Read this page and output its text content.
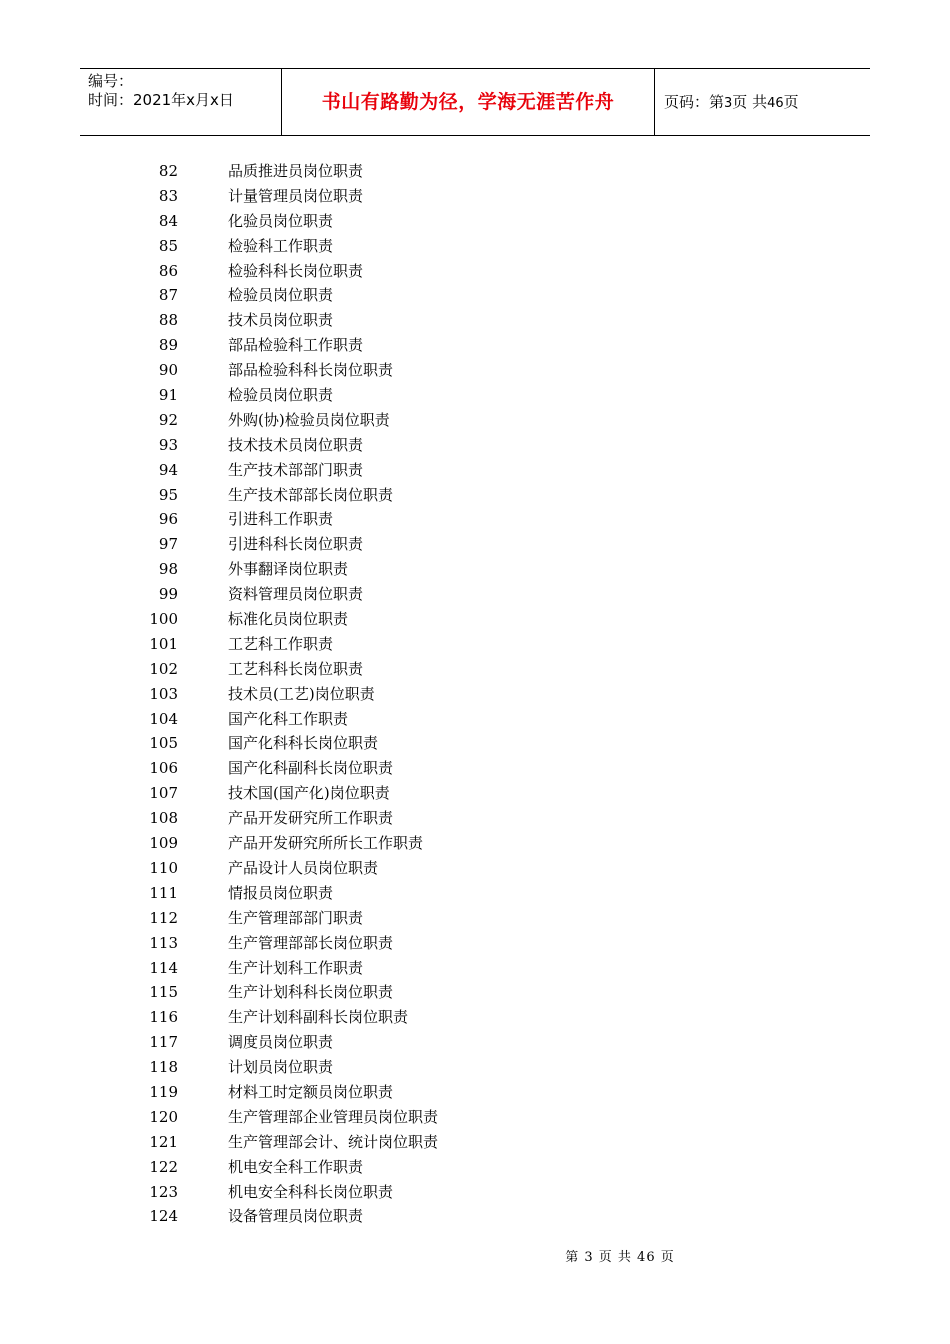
编号：
时间：2021年x月x日	书山有路勤为径，学海无涯苦作舟	页码：第3页 共46页
82	品质推进员岗位职责
83	计量管理员岗位职责
84	化验员岗位职责
85	检验科工作职责
86	检验科科长岗位职责
87	检验员岗位职责
88	技术员岗位职责
89	部品检验科工作职责
90	部品检验科科长岗位职责
91	检验员岗位职责
92	外购(协)检验员岗位职责
93	技术技术员岗位职责
94	生产技术部部门职责
95	生产技术部部长岗位职责
96	引进科工作职责
97	引进科科长岗位职责
98	外事翻译岗位职责
99	资料管理员岗位职责
100	标准化员岗位职责
101	工艺科工作职责
102	工艺科科长岗位职责
103	技术员(工艺)岗位职责
104	国产化科工作职责
105	国产化科科长岗位职责
106	国产化科副科长岗位职责
107	技术国(国产化)岗位职责
108	产品开发研究所工作职责
109	产品开发研究所所长工作职责
110	产品设计人员岗位职责
111	情报员岗位职责
112	生产管理部部门职责
113	生产管理部部长岗位职责
114	生产计划科工作职责
115	生产计划科科长岗位职责
116	生产计划科副科长岗位职责
117	调度员岗位职责
118	计划员岗位职责
119	材料工时定额员岗位职责
120	生产管理部企业管理员岗位职责
121	生产管理部会计、统计岗位职责
122	机电安全科工作职责
123	机电安全科科长岗位职责
124	设备管理员岗位职责
第 3 页 共 46 页
